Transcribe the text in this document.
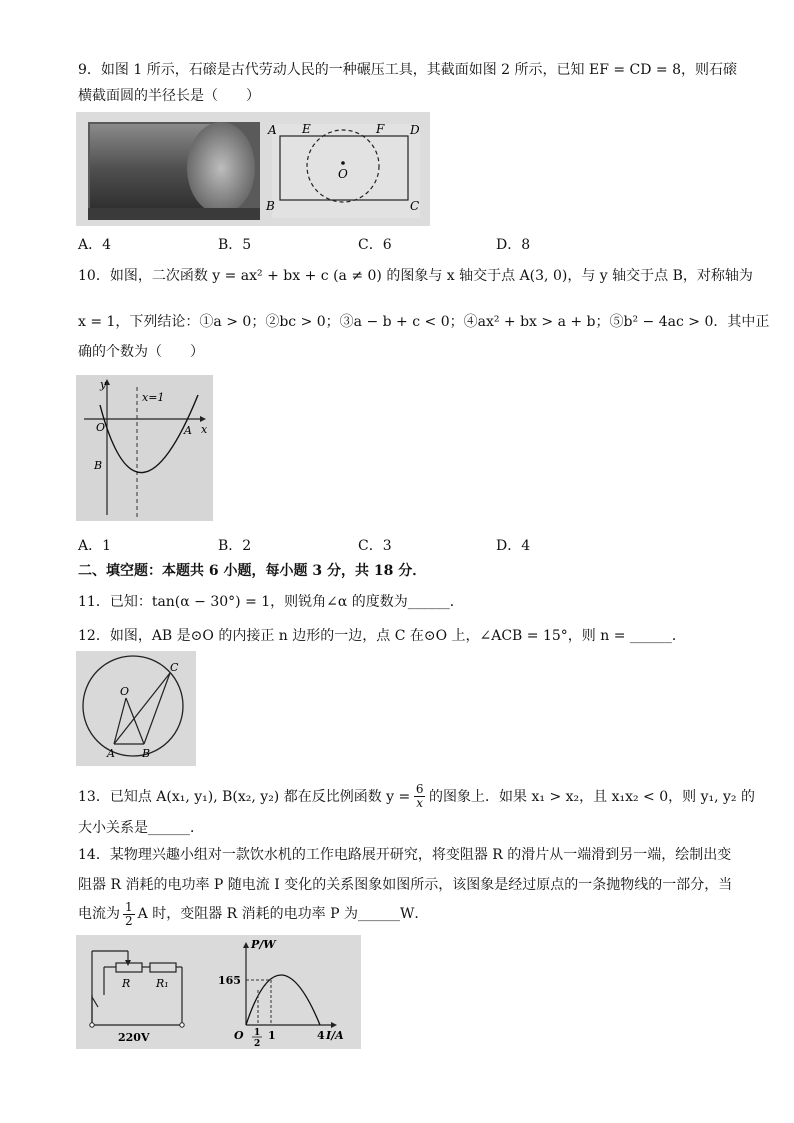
9．如图 1 所示，石磙是古代劳动人民的一种碾压工具，其截面如图 2 所示，已知 EF = CD = 8，则石磙
横截面圆的半径长是（　　）
A E	F D
O
B	C
A．4	B．5	C．6	D．8
10．如图，二次函数 y = ax² + bx + c (a ≠ 0) 的图象与 x 轴交于点 A(3, 0)，与 y 轴交于点 B，对称轴为
x = 1，下列结论：①a > 0；②bc > 0；③a − b + c < 0；④ax² + bx > a + b；⑤b² − 4ac > 0．其中正
确的个数为（　　）
y
x
x=1
O	A
B
A．1	B．2	C．3	D．4
二、填空题：本题共 6 小题，每小题 3 分，共 18 分．
11．已知：tan(α − 30°) = 1，则锐角∠α 的度数为______．
12．如图，AB 是⊙O 的内接正 n 边形的一边，点 C 在⊙O 上，∠ACB = 15°，则 n = ______．
O
A B
C
13．已知点 A(x₁, y₁), B(x₂, y₂) 都在反比例函数 $y = \frac{6}{x}$ 的图象上．如果 x₁ > x₂，且 x₁x₂ < 0，则 y₁, y₂ 的
大小关系是______．
14．某物理兴趣小组对一款饮水机的工作电路展开研究，将变阻器 R 的滑片从一端滑到另一端，绘制出变
阻器 R 消耗的电功率 P 随电流 I 变化的关系图象如图所示，该图象是经过原点的一条抛物线的一部分，当
电流为 $\frac{1}{2}$ A 时，变阻器 R 消耗的电功率 P 为______W．
R R₁
220V
P/W
I/A
165
O 1	4
1
2
